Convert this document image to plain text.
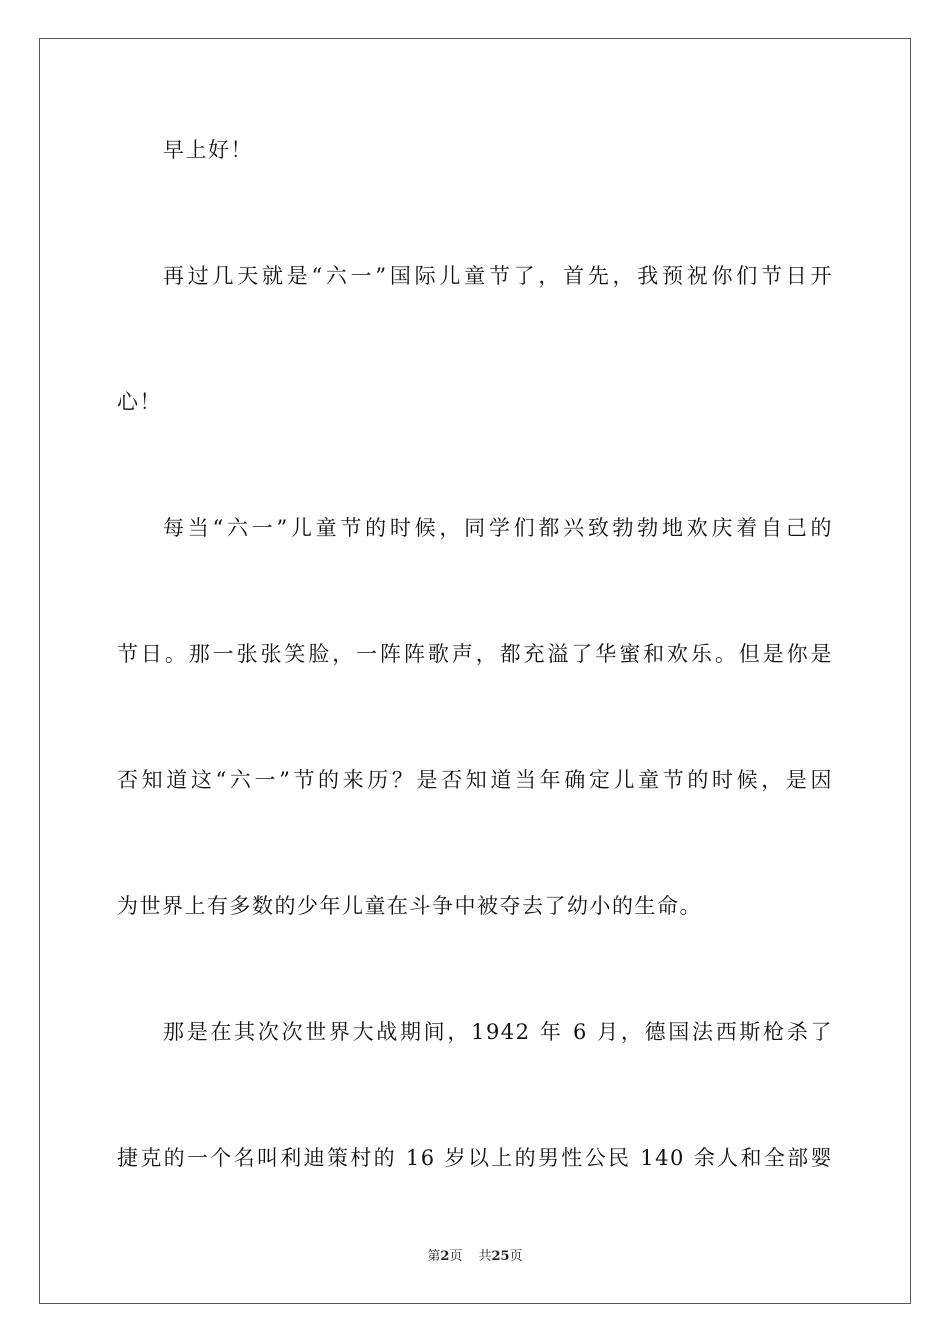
早上好！
再过几天就是“六一”国际儿童节了，首先，我预祝你们节日开
心！
每当“六一”儿童节的时候，同学们都兴致勃勃地欢庆着自己的
节日。那一张张笑脸，一阵阵歌声，都充溢了华蜜和欢乐。但是你是
否知道这“六一”节的来历？是否知道当年确定儿童节的时候，是因
为世界上有多数的少年儿童在斗争中被夺去了幼小的生命。
那是在其次次世界大战期间，1942 年 6 月，德国法西斯枪杀了
捷克的一个名叫利迪策村的 16 岁以上的男性公民 140 余人和全部婴
第2页 共25页
